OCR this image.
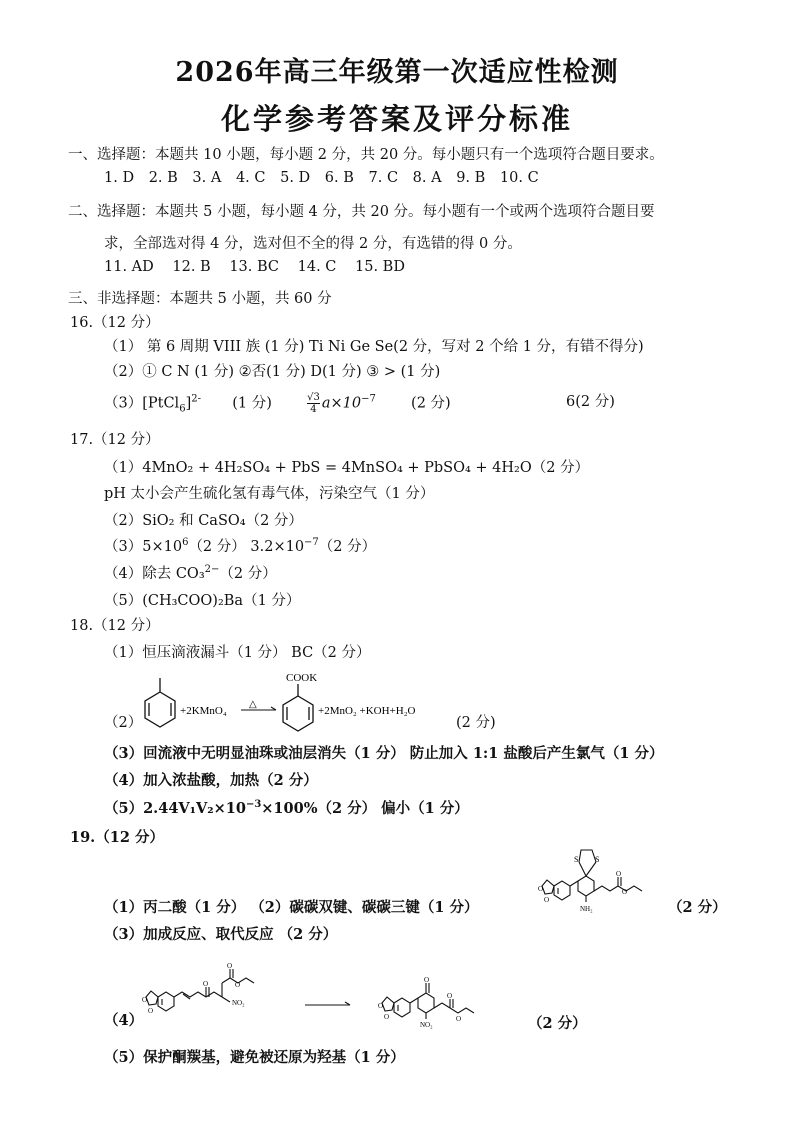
2026年高三年级第一次适应性检测
化学参考答案及评分标准
一、选择题：本题共 10 小题，每小题 2 分，共 20 分。每小题只有一个选项符合题目要求。
1. D 2. B 3. A 4. C 5. D 6. B 7. C 8. A 9. B 10. C
二、选择题：本题共 5 小题，每小题 4 分，共 20 分。每小题有一个或两个选项符合题目要
求，全部选对得 4 分，选对但不全的得 2 分，有选错的得 0 分。
11. AD 12. B 13. BC 14. C 15. BD
三、非选择题：本题共 5 小题，共 60 分
16.（12 分）
（1） 第 6 周期 VIII 族 (1 分) Ti Ni Ge Se(2 分，写对 2 个给 1 分，有错不得分)
（2）① C N (1 分) ②否(1 分) D(1 分) ③ > (1 分)
（3）[PtCl$_6$]$^{2-}$ (1 分)	$\frac{√3}{4} a\times 10^{-7}$ (2 分)	6(2 分)
17.（12 分）
（1）4MnO₂ + 4H₂SO₄ + PbS = 4MnSO₄ + PbSO₄ + 4H₂O（2 分）
pH 太小会产生硫化氢有毒气体，污染空气（1 分）
（2）SiO₂ 和 CaSO₄（2 分）
$(3)5\times 10^6(2$ 分） $3.2\times 10^{-7}(2$ 分）
（4）除去 CO₃$^{2-}$（2 分）
（5）(CH₃COO)₂Ba（1 分）
18.（12 分）
（1）恒压滴液漏斗（1 分） BC（2 分）
（2）
+2KMnO₄
△
COOK
+2MnO₂ +KOH+H₂O
(2 分)
（3）回流液中无明显油珠或油层消失（1 分） 防止加入 1:1 盐酸后产生氯气（1 分）
（4）加入浓盐酸，加热（2 分）
$(5)2.44V_1V_2\times 10^{-3}\times 100\%(2$ 分） 偏小（1 分）
19.（12 分）
（1）丙二酸（1 分） （2）碳碳双键、碳碳三键（1 分）
O
O
S S
NH₂
O
O
（2 分）
（3）加成反应、取代反应 （2 分）
（4）
O
O
O
O
O
NO₂	O
O
O
NO₂
O
O	（2 分）
（5）保护酮羰基，避免被还原为羟基（1 分）
